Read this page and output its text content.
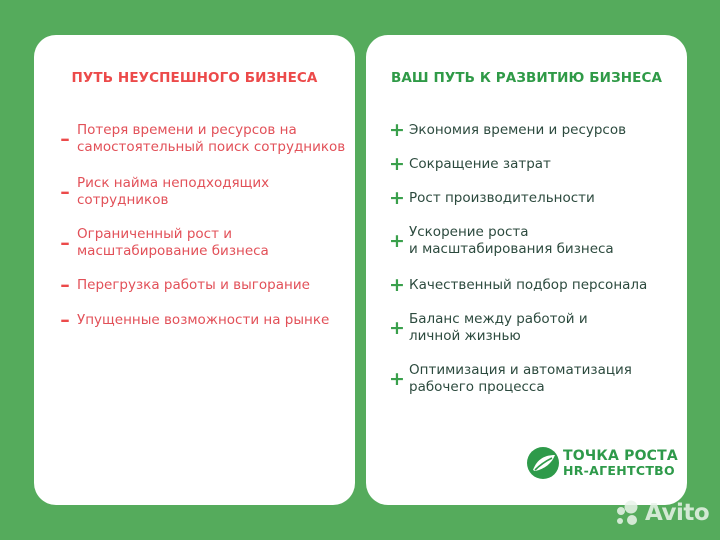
ПУТЬ НЕУСПЕШНОГО БИЗНЕСА
– Потеря времени и ресурсов на
самостоятельный поиск сотрудников
– Риск найма неподходящих
сотрудников
– Ограниченный рост и
масштабирование бизнеса
– Перегрузка работы и выгорание
– Упущенные возможности на рынке
ВАШ ПУТЬ К РАЗВИТИЮ БИЗНЕСА
+ Экономия времени и ресурсов
+ Сокращение затрат
+ Рост производительности
+ Ускорение роста
и масштабирования бизнеса
+ Качественный подбор персонала
+ Баланс между работой и
личной жизнью
+ Оптимизация и автоматизация
рабочего процесса
ТОЧКА РОСТА
HR-АГЕНТСТВО
Avito
